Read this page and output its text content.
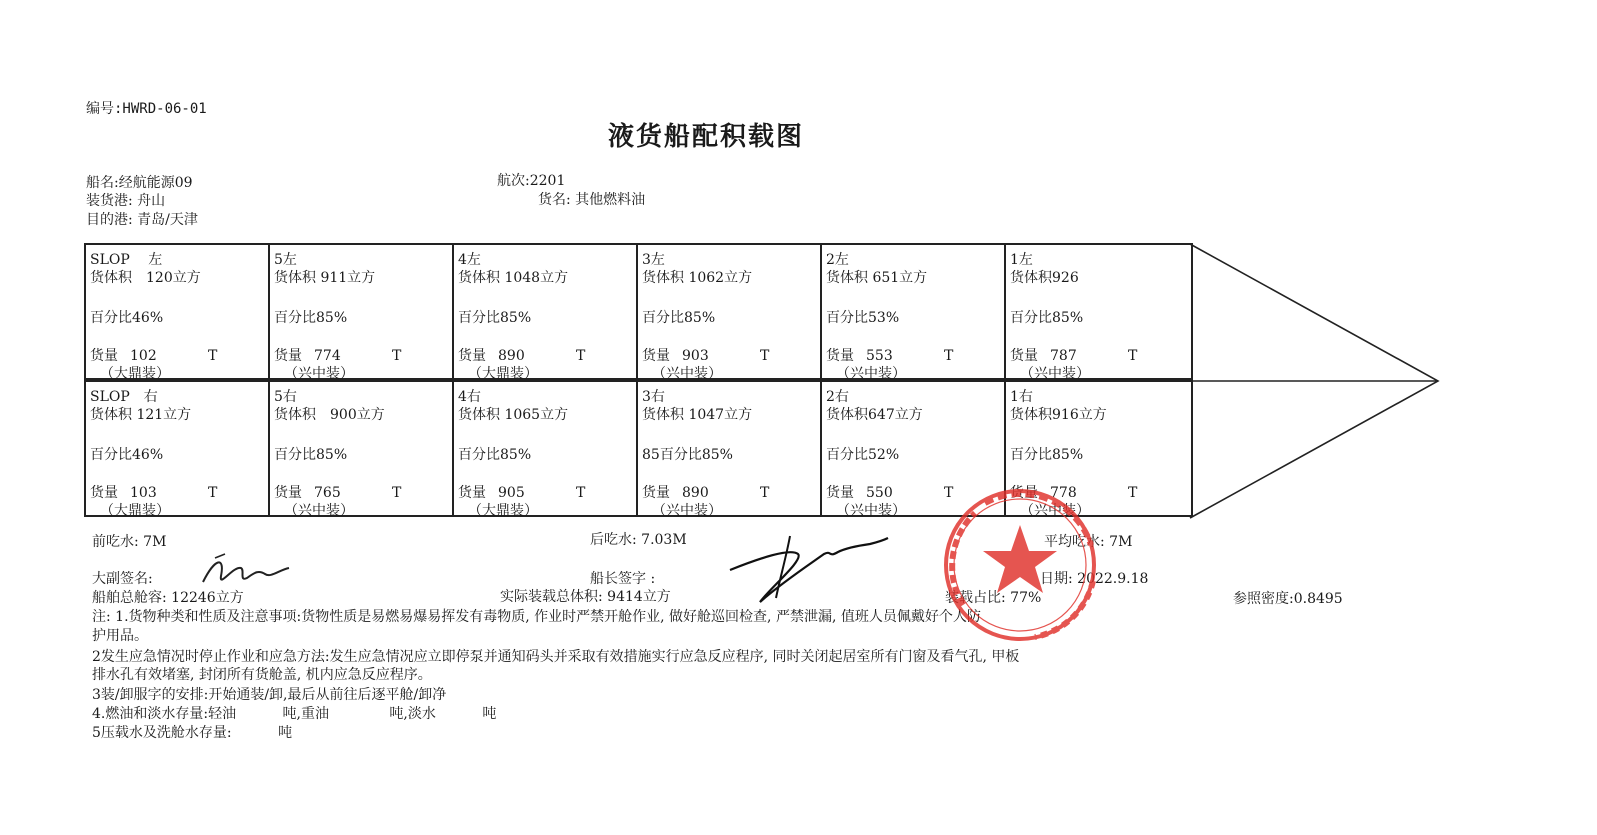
编号:HWRD-06-01
液货船配积载图
船名:经航能源09	航次:2201
装货港: 舟山	货名: 其他燃料油
目的港: 青岛/天津
SLOP　 左
货体积　120立方
百分比46%
货量 102	T
（大鼎装）
5左
货体积 911立方
百分比85%
货量 774	T
（兴中装）
4左
货体积 1048立方
百分比85%
货量 890	T
（大鼎装）
3左
货体积 1062立方
百分比85%
货量 903	T
（兴中装）
2左
货体积 651立方
百分比53%
货量 553	T
（兴中装）
1左
货体积926
百分比85%
货量 787	T
（兴中装）
SLOP　右
货体积 121立方
百分比46%
货量 103	T
（大鼎装）
5右
货体积　900立方
百分比85%
货量 765	T
（兴中装）
4右
货体积 1065立方
百分比85%
货量 905	T
（大鼎装）
3右
货体积 1047立方
85百分比85%
货量 890	T
（兴中装）
2右
货体积647立方
百分比52%
货量 550	T
（兴中装）
1右
货体积916立方
百分比85%
货量 778	T
（兴中装）
前吃水: 7M	后吃水: 7.03M	平均吃水: 7M
大副签名:	船长签字 :	日期: 2022.9.18
船舶总舱容: 12246立方	实际装载总体积: 9414立方	装载占比: 77%	参照密度:0.8495
注: 1.货物种类和性质及注意事项:货物性质是易燃易爆易挥发有毒物质, 作业时严禁开舱作业, 做好舱巡回检查, 严禁泄漏, 值班人员佩戴好个人防
护用品。
2发生应急情况时停止作业和应急方法:发生应急情况应立即停泵并通知码头并采取有效措施实行应急反应程序, 同时关闭起居室所有门窗及看气孔, 甲板
排水孔有效堵塞, 封闭所有货舱盖, 机内应急反应程序。
3装/卸服字的安排:开始通装/卸,最后从前往后逐平舱/卸净
4.燃油和淡水存量:轻油　　　 吨,重油　　　　 吨,淡水　　　 吨
5压载水及洗舱水存量:　　　 吨
